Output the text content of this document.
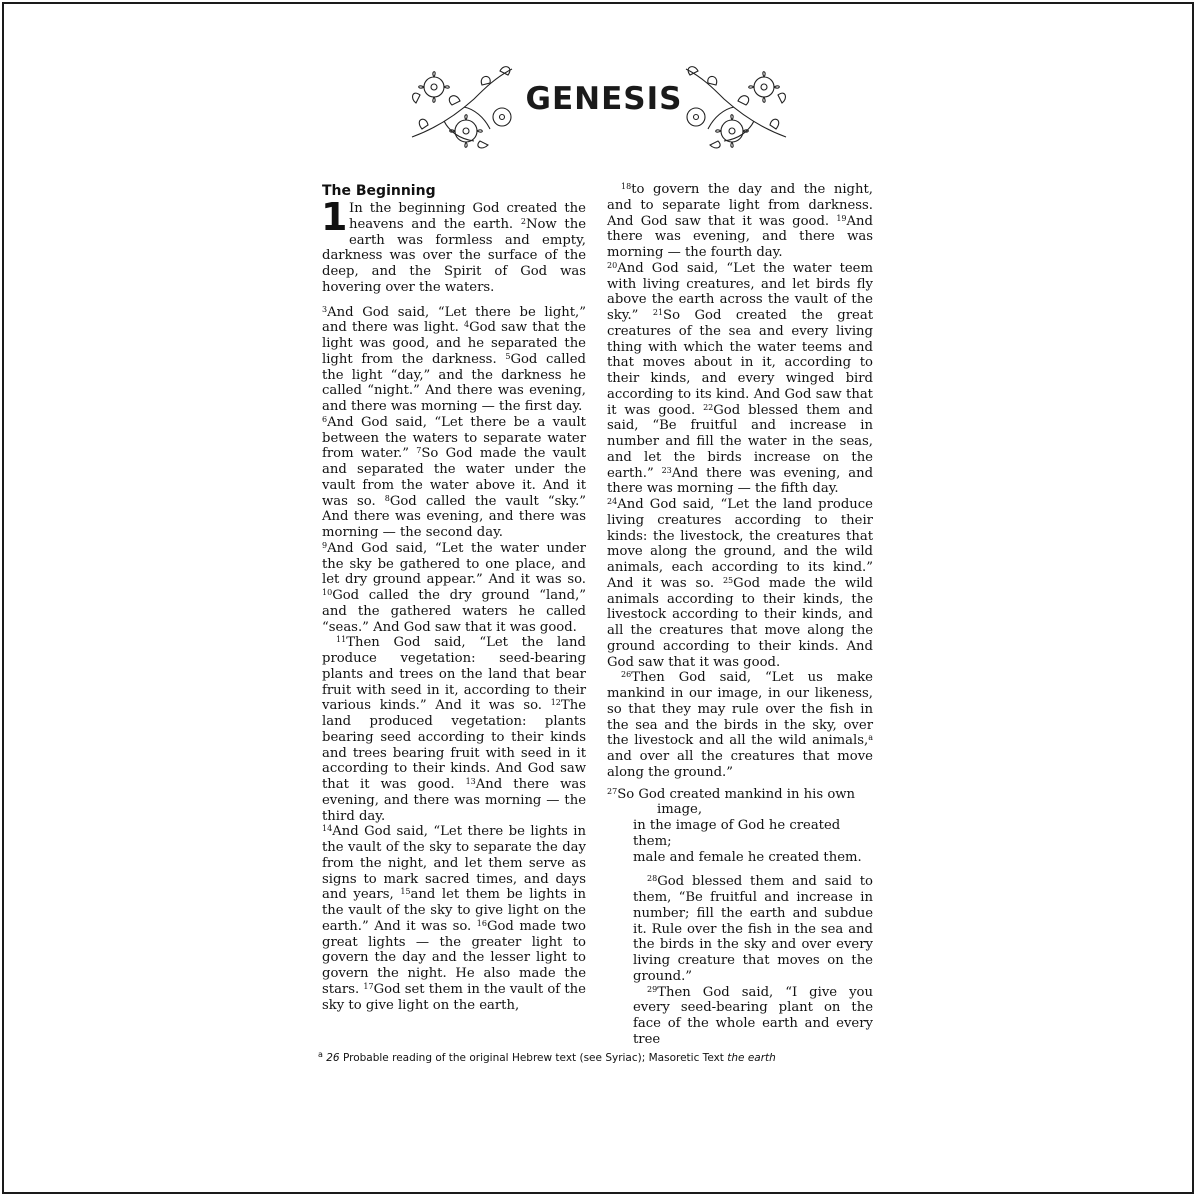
GENESIS
The Beginning
1 In the beginning God created the heavens and the earth. $^2$Now the earth was formless and empty, darkness was over the surface of the deep, and the Spirit of God was hovering over the waters.

$^3$And God said, “Let there be light,” and there was light. $^4$God saw that the light was good, and he separated the light from the darkness. $^5$God called the light “day,” and the darkness he called “night.” And there was evening, and there was morning — the first day.

$^6$And God said, “Let there be a vault between the waters to separate water from water.” $^7$So God made the vault and separated the water under the vault from the water above it. And it was so. $^8$God called the vault “sky.” And there was evening, and there was morning — the second day.

$^9$And God said, “Let the water under the sky be gathered to one place, and let dry ground appear.” And it was so. $^{10}$God called the dry ground “land,” and the gathered waters he called “seas.” And God saw that it was good.

$^{11}$Then God said, “Let the land produce vegetation: seed-bearing plants and trees on the land that bear fruit with seed in it, according to their various kinds.” And it was so. $^{12}$The land produced vegetation: plants bearing seed according to their kinds and trees bearing fruit with seed in it according to their kinds. And God saw that it was good. $^{13}$And there was evening, and there was morning — the third day.

$^{14}$And God said, “Let there be lights in the vault of the sky to separate the day from the night, and let them serve as signs to mark sacred times, and days and years, $^{15}$and let them be lights in the vault of the sky to give light on the earth.” And it was so. $^{16}$God made two great lights — the greater light to govern the day and the lesser light to govern the night. He also made the stars. $^{17}$God set them in the vault of the sky to give light on the earth,

$^{18}$to govern the day and the night, and to separate light from darkness. And God saw that it was good. $^{19}$And there was evening, and there was morning — the fourth day.

$^{20}$And God said, “Let the water teem with living creatures, and let birds fly above the earth across the vault of the sky.” $^{21}$So God created the great creatures of the sea and every living thing with which the water teems and that moves about in it, according to their kinds, and every winged bird according to its kind. And God saw that it was good. $^{22}$God blessed them and said, “Be fruitful and increase in number and fill the water in the seas, and let the birds increase on the earth.” $^{23}$And there was evening, and there was morning — the fifth day.

$^{24}$And God said, “Let the land produce living creatures according to their kinds: the livestock, the creatures that move along the ground, and the wild animals, each according to its kind.” And it was so. $^{25}$God made the wild animals according to their kinds, the livestock according to their kinds, and all the creatures that move along the ground according to their kinds. And God saw that it was good.

$^{26}$Then God said, “Let us make mankind in our image, in our likeness, so that they may rule over the fish in the sea and the birds in the sky, over the livestock and all the wild animals,$^a$ and over all the creatures that move along the ground.”

$^{27}$So God created mankind in his own
image,
in the image of God he created them;
male and female he created them.

$^{28}$God blessed them and said to them, “Be fruitful and increase in number; fill the earth and subdue it. Rule over the fish in the sea and the birds in the sky and over every living creature that moves on the ground.”

$^{29}$Then God said, “I give you every seed-bearing plant on the face of the whole earth and every tree

$^a$ 26 Probable reading of the original Hebrew text (see Syriac); Masoretic Text the earth
